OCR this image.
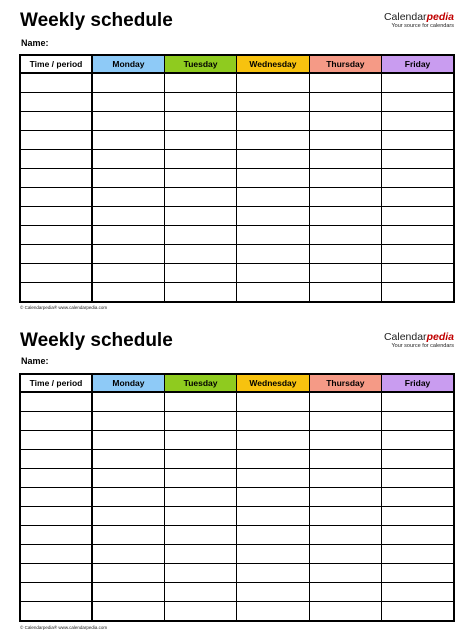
Weekly schedule	Calendarpedia
Your source for calendars
Name:
Time / period	Monday	Tuesday	Wednesday	Thursday	Friday

© Calendarpedia® www.calendarpedia.com
Weekly schedule	Calendarpedia
Your source for calendars
Name:
Time / period	Monday	Tuesday	Wednesday	Thursday	Friday

© Calendarpedia® www.calendarpedia.com
